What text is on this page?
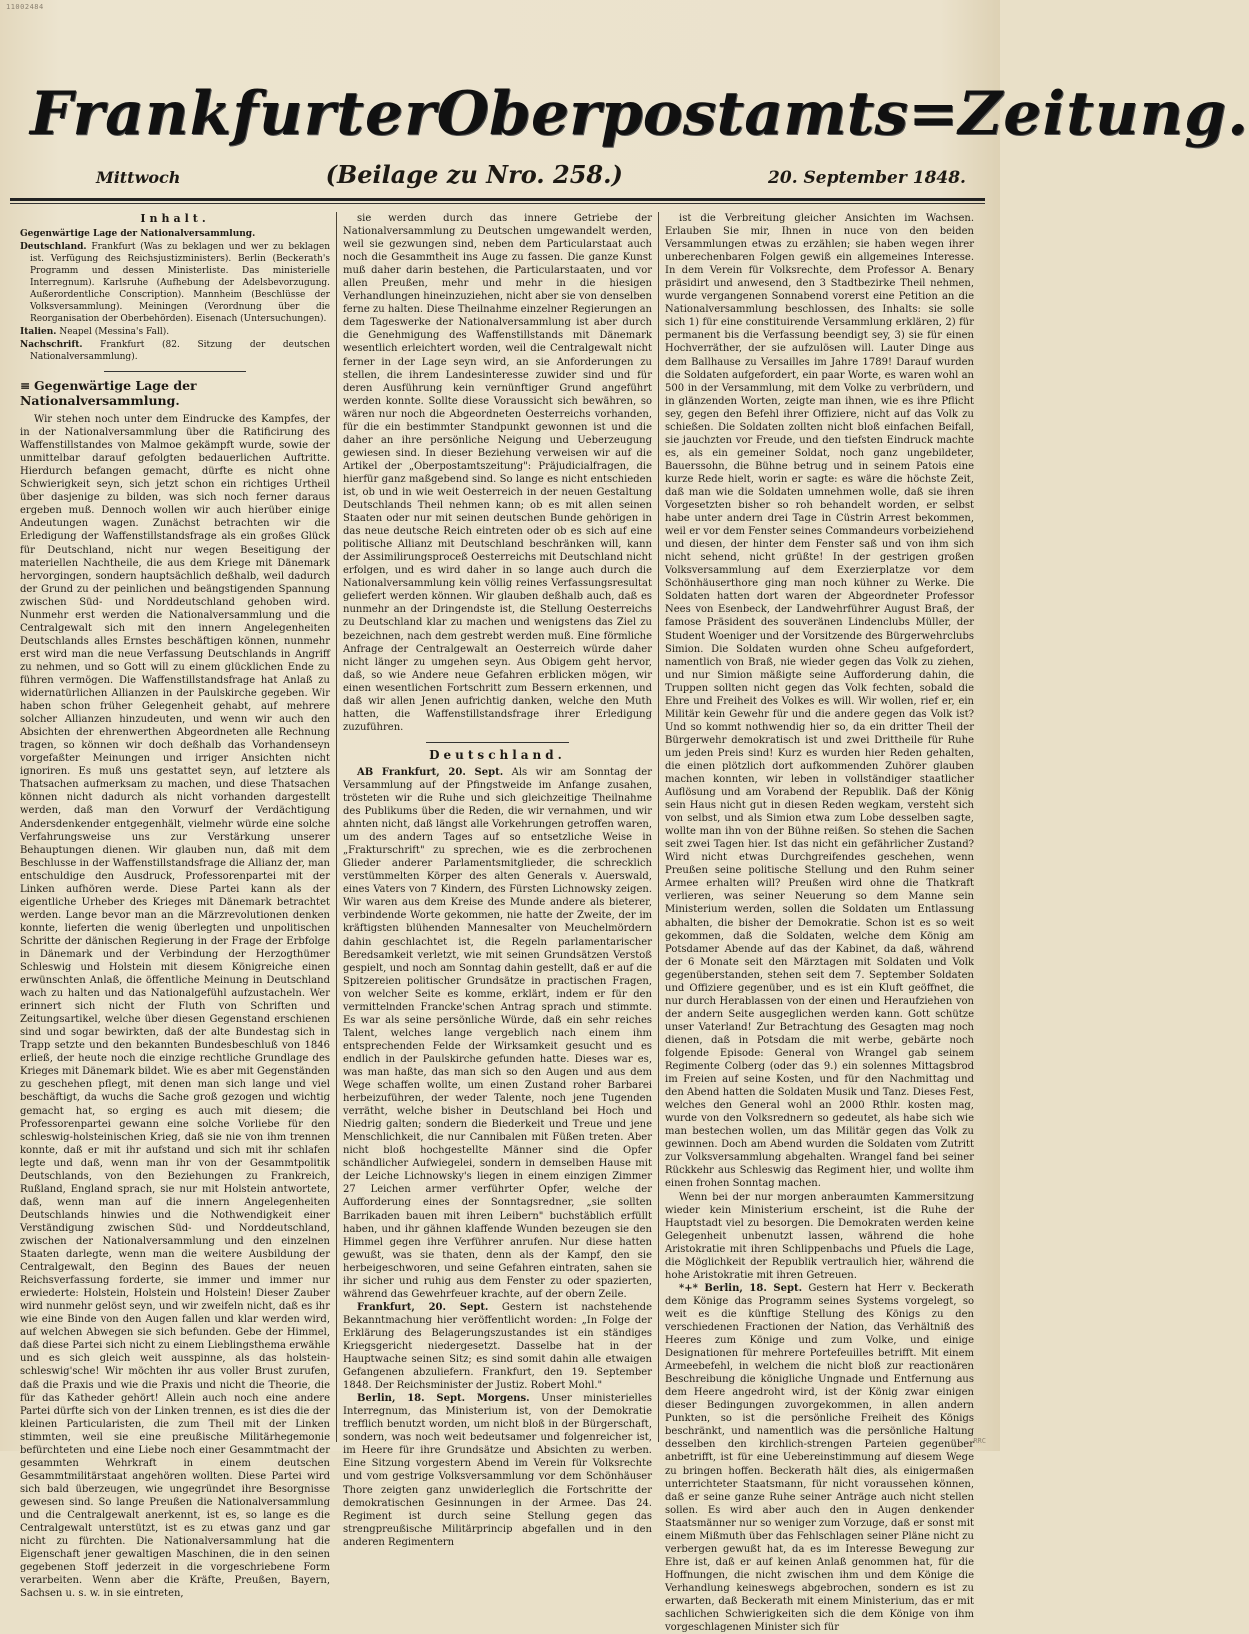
11002484
Frankfurter Oberpostamts= Zeitung.
Mittwoch	(Beilage zu Nro. 258.)	20. September 1848.
Inhalt.

Gegenwärtige Lage der Nationalversammlung.

Deutschland. Frankfurt (Was zu beklagen und wer zu beklagen ist. Verfügung des Reichsjustizministers). Berlin (Beckerath's Programm und dessen Ministerliste. Das ministerielle Interregnum). Karlsruhe (Aufhebung der Adelsbevorzugung. Außerordentliche Conscription). Mannheim (Beschlüsse der Volksversammlung). Meiningen (Verordnung über die Reorganisation der Oberbehörden). Eisenach (Untersuchungen).

Italien. Neapel (Messina's Fall).

Nachschrift. Frankfurt (82. Sitzung der deutschen Nationalversammlung).

≡ Gegenwärtige Lage der Nationalversammlung.

Wir stehen noch unter dem Eindrucke des Kampfes, der in der Nationalversammlung über die Ratificirung des Waffenstillstandes von Malmoe gekämpft wurde, sowie der unmittelbar darauf gefolgten bedauerlichen Auftritte. Hierdurch befangen gemacht, dürfte es nicht ohne Schwierigkeit seyn, sich jetzt schon ein richtiges Urtheil über dasjenige zu bilden, was sich noch ferner daraus ergeben muß. Dennoch wollen wir auch hierüber einige Andeutungen wagen. Zunächst betrachten wir die Erledigung der Waffenstillstandsfrage als ein großes Glück für Deutschland, nicht nur wegen Beseitigung der materiellen Nachtheile, die aus dem Kriege mit Dänemark hervorgingen, sondern hauptsächlich deßhalb, weil dadurch der Grund zu der peinlichen und beängstigenden Spannung zwischen Süd- und Norddeutschland gehoben wird. Nunmehr erst werden die Nationalversammlung und die Centralgewalt sich mit den innern Angelegenheiten Deutschlands alles Ernstes beschäftigen können, nunmehr erst wird man die neue Verfassung Deutschlands in Angriff zu nehmen, und so Gott will zu einem glücklichen Ende zu führen vermögen. Die Waffenstillstandsfrage hat Anlaß zu widernatürlichen Allianzen in der Paulskirche gegeben. Wir haben schon früher Gelegenheit gehabt, auf mehrere solcher Allianzen hinzudeuten, und wenn wir auch den Absichten der ehrenwerthen Abgeordneten alle Rechnung tragen, so können wir doch deßhalb das Vorhandenseyn vorgefaßter Meinungen und irriger Ansichten nicht ignoriren. Es muß uns gestattet seyn, auf letztere als Thatsachen aufmerksam zu machen, und diese Thatsachen können nicht dadurch als nicht vorhanden dargestellt werden, daß man den Vorwurf der Verdächtigung Andersdenkender entgegenhält, vielmehr würde eine solche Verfahrungsweise uns zur Verstärkung unserer Behauptungen dienen. Wir glauben nun, daß mit dem Beschlusse in der Waffenstillstandsfrage die Allianz der, man entschuldige den Ausdruck, Professorenpartei mit der Linken aufhören werde. Diese Partei kann als der eigentliche Urheber des Krieges mit Dänemark betrachtet werden. Lange bevor man an die Märzrevolutionen denken konnte, lieferten die wenig überlegten und unpolitischen Schritte der dänischen Regierung in der Frage der Erbfolge in Dänemark und der Verbindung der Herzogthümer Schleswig und Holstein mit diesem Königreiche einen erwünschten Anlaß, die öffentliche Meinung in Deutschland wach zu halten und das Nationalgefühl aufzustacheln. Wer erinnert sich nicht der Fluth von Schriften und Zeitungsartikel, welche über diesen Gegenstand erschienen sind und sogar bewirkten, daß der alte Bundestag sich in Trapp setzte und den bekannten Bundesbeschluß von 1846 erließ, der heute noch die einzige rechtliche Grundlage des Krieges mit Dänemark bildet. Wie es aber mit Gegenständen zu geschehen pflegt, mit denen man sich lange und viel beschäftigt, da wuchs die Sache groß gezogen und wichtig gemacht hat, so erging es auch mit diesem; die Professorenpartei gewann eine solche Vorliebe für den schleswig-holsteinischen Krieg, daß sie nie von ihm trennen konnte, daß er mit ihr aufstand und sich mit ihr schlafen legte und daß, wenn man ihr von der Gesammtpolitik Deutschlands, von den Beziehungen zu Frankreich, Rußland, England sprach, sie nur mit Holstein antwortete, daß, wenn man auf die innern Angelegenheiten Deutschlands hinwies und die Nothwendigkeit einer Verständigung zwischen Süd- und Norddeutschland, zwischen der Nationalversammlung und den einzelnen Staaten darlegte, wenn man die weitere Ausbildung der Centralgewalt, den Beginn des Baues der neuen Reichsverfassung forderte, sie immer und immer nur erwiederte: Holstein, Holstein und Holstein! Dieser Zauber wird nunmehr gelöst seyn, und wir zweifeln nicht, daß es ihr wie eine Binde von den Augen fallen und klar werden wird, auf welchen Abwegen sie sich befunden. Gebe der Himmel, daß diese Partei sich nicht zu einem Lieblingsthema erwähle und es sich gleich weit ausspinne, als das holstein-schleswig'sche! Wir möchten ihr aus voller Brust zurufen, daß die Praxis und wie die Praxis und nicht die Theorie, die für das Katheder gehört! Allein auch noch eine andere Partei dürfte sich von der Linken trennen, es ist dies die der kleinen Particularisten, die zum Theil mit der Linken stimmten, weil sie eine preußische Militärhegemonie befürchteten und eine Liebe noch einer Gesammtmacht der gesammten Wehrkraft in einem deutschen Gesammtmilitärstaat angehören wollten. Diese Partei wird sich bald überzeugen, wie ungegründet ihre Besorgnisse gewesen sind. So lange Preußen die Nationalversammlung und die Centralgewalt anerkennt, ist es, so lange es die Centralgewalt unterstützt, ist es zu etwas ganz und gar nicht zu fürchten. Die Nationalversammlung hat die Eigenschaft jener gewaltigen Maschinen, die in den seinen gegebenen Stoff jederzeit in die vorgeschriebene Form verarbeiten. Wenn aber die Kräfte, Preußen, Bayern, Sachsen u. s. w. in sie eintreten,

sie werden durch das innere Getriebe der Nationalversammlung zu Deutschen umgewandelt werden, weil sie gezwungen sind, neben dem Particularstaat auch noch die Gesammtheit ins Auge zu fassen. Die ganze Kunst muß daher darin bestehen, die Particularstaaten, und vor allen Preußen, mehr und mehr in die hiesigen Verhandlungen hineinzuziehen, nicht aber sie von denselben ferne zu halten. Diese Theilnahme einzelner Regierungen an dem Tageswerke der Nationalversammlung ist aber durch die Genehmigung des Waffenstillstands mit Dänemark wesentlich erleichtert worden, weil die Centralgewalt nicht ferner in der Lage seyn wird, an sie Anforderungen zu stellen, die ihrem Landesinteresse zuwider sind und für deren Ausführung kein vernünftiger Grund angeführt werden konnte. Sollte diese Voraussicht sich bewähren, so wären nur noch die Abgeordneten Oesterreichs vorhanden, für die ein bestimmter Standpunkt gewonnen ist und die daher an ihre persönliche Neigung und Ueberzeugung gewiesen sind. In dieser Beziehung verweisen wir auf die Artikel der „Oberpostamtszeitung": Präjudicialfragen, die hierfür ganz maßgebend sind. So lange es nicht entschieden ist, ob und in wie weit Oesterreich in der neuen Gestaltung Deutschlands Theil nehmen kann; ob es mit allen seinen Staaten oder nur mit seinen deutschen Bunde gehörigen in das neue deutsche Reich eintreten oder ob es sich auf eine politische Allianz mit Deutschland beschränken will, kann der Assimilirungsproceß Oesterreichs mit Deutschland nicht erfolgen, und es wird daher in so lange auch durch die Nationalversammlung kein völlig reines Verfassungsresultat geliefert werden können. Wir glauben deßhalb auch, daß es nunmehr an der Dringendste ist, die Stellung Oesterreichs zu Deutschland klar zu machen und wenigstens das Ziel zu bezeichnen, nach dem gestrebt werden muß. Eine förmliche Anfrage der Centralgewalt an Oesterreich würde daher nicht länger zu umgehen seyn. Aus Obigem geht hervor, daß, so wie Andere neue Gefahren erblicken mögen, wir einen wesentlichen Fortschritt zum Bessern erkennen, und daß wir allen Jenen aufrichtig danken, welche den Muth hatten, die Waffenstillstandsfrage ihrer Erledigung zuzuführen.

Deutschland.

AB Frankfurt, 20. Sept. Als wir am Sonntag der Versammlung auf der Pfingstweide im Anfange zusahen, trösteten wir die Ruhe und sich gleichzeitige Theilnahme des Publikums über die Reden, die wir vernahmen, und wir ahnten nicht, daß längst alle Vorkehrungen getroffen waren, um des andern Tages auf so entsetzliche Weise in „Frakturschrift" zu sprechen, wie es die zerbrochenen Glieder anderer Parlamentsmitglieder, die schrecklich verstümmelten Körper des alten Generals v. Auerswald, eines Vaters von 7 Kindern, des Fürsten Lichnowsky zeigen. Wir waren aus dem Kreise des Munde andere als bieterer, verbindende Worte gekommen, nie hatte der Zweite, der im kräftigsten blühenden Mannesalter von Meuchelmördern dahin geschlachtet ist, die Regeln parlamentarischer Beredsamkeit verletzt, wie mit seinen Grundsätzen Verstoß gespielt, und noch am Sonntag dahin gestellt, daß er auf die Spitzereien politischer Grundsätze in practischen Fragen, von welcher Seite es komme, erklärt, indem er für den vermittelnden Francke'schen Antrag sprach und stimmte. Es war als seine persönliche Würde, daß ein sehr reiches Talent, welches lange vergeblich nach einem ihm entsprechenden Felde der Wirksamkeit gesucht und es endlich in der Paulskirche gefunden hatte. Dieses war es, was man haßte, das man sich so den Augen und aus dem Wege schaffen wollte, um einen Zustand roher Barbarei herbeizuführen, der weder Talente, noch jene Tugenden verrätht, welche bisher in Deutschland bei Hoch und Niedrig galten; sondern die Biederkeit und Treue und jene Menschlichkeit, die nur Cannibalen mit Füßen treten. Aber nicht bloß hochgestellte Männer sind die Opfer schändlicher Aufwiegelei, sondern in demselben Hause mit der Leiche Lichnowsky's liegen in einem einzigen Zimmer 27 Leichen armer verführter Opfer, welche der Aufforderung eines der Sonntagsredner, „sie sollten Barrikaden bauen mit ihren Leibern" buchstäblich erfüllt haben, und ihr gähnen klaffende Wunden bezeugen sie den Himmel gegen ihre Verführer anrufen. Nur diese hatten gewußt, was sie thaten, denn als der Kampf, den sie herbeigeschworen, und seine Gefahren eintraten, sahen sie ihr sicher und ruhig aus dem Fenster zu oder spazierten, während das Gewehrfeuer krachte, auf der obern Zeile.

Frankfurt, 20. Sept. Gestern ist nachstehende Bekanntmachung hier veröffentlicht worden: „In Folge der Erklärung des Belagerungszustandes ist ein ständiges Kriegsgericht niedergesetzt. Dasselbe hat in der Hauptwache seinen Sitz; es sind somit dahin alle etwaigen Gefangenen abzuliefern. Frankfurt, den 19. September 1848. Der Reichsminister der Justiz. Robert Mohl."

Berlin, 18. Sept. Morgens. Unser ministerielles Interregnum, das Ministerium ist, von der Demokratie trefflich benutzt worden, um nicht bloß in der Bürgerschaft, sondern, was noch weit bedeutsamer und folgenreicher ist, im Heere für ihre Grundsätze und Absichten zu werben. Eine Sitzung vorgestern Abend im Verein für Volksrechte und vom gestrige Volksversammlung vor dem Schönhäuser Thore zeigten ganz unwiderleglich die Fortschritte der demokratischen Gesinnungen in der Armee. Das 24. Regiment ist durch seine Stellung gegen das strengpreußische Militärprincip abgefallen und in den anderen Regimentern

ist die Verbreitung gleicher Ansichten im Wachsen. Erlauben Sie mir, Ihnen in nuce von den beiden Versammlungen etwas zu erzählen; sie haben wegen ihrer unberechenbaren Folgen gewiß ein allgemeines Interesse. In dem Verein für Volksrechte, dem Professor A. Benary präsidirt und anwesend, den 3 Stadtbezirke Theil nehmen, wurde vergangenen Sonnabend vorerst eine Petition an die Nationalversammlung beschlossen, des Inhalts: sie solle sich 1) für eine constituirende Versammlung erklären, 2) für permanent bis die Verfassung beendigt sey, 3) sie für einen Hochverräther, der sie aufzulösen will. Lauter Dinge aus dem Ballhause zu Versailles im Jahre 1789! Darauf wurden die Soldaten aufgefordert, ein paar Worte, es waren wohl an 500 in der Versammlung, mit dem Volke zu verbrüdern, und in glänzenden Worten, zeigte man ihnen, wie es ihre Pflicht sey, gegen den Befehl ihrer Offiziere, nicht auf das Volk zu schießen. Die Soldaten zollten nicht bloß einfachen Beifall, sie jauchzten vor Freude, und den tiefsten Eindruck machte es, als ein gemeiner Soldat, noch ganz ungebildeter, Bauerssohn, die Bühne betrug und in seinem Patois eine kurze Rede hielt, worin er sagte: es wäre die höchste Zeit, daß man wie die Soldaten umnehmen wolle, daß sie ihren Vorgesetzten bisher so roh behandelt worden, er selbst habe unter andern drei Tage in Cüstrin Arrest bekommen, weil er vor dem Fenster seines Commandeurs vorbeiziehend und diesen, der hinter dem Fenster saß und von ihm sich nicht sehend, nicht grüßte! In der gestrigen großen Volksversammlung auf dem Exerzierplatze vor dem Schönhäuserthore ging man noch kühner zu Werke. Die Soldaten hatten dort waren der Abgeordneter Professor Nees von Esenbeck, der Landwehrführer August Braß, der famose Präsident des souveränen Lindenclubs Müller, der Student Woeniger und der Vorsitzende des Bürgerwehrclubs Simion. Die Soldaten wurden ohne Scheu aufgefordert, namentlich von Braß, nie wieder gegen das Volk zu ziehen, und nur Simion mäßigte seine Aufforderung dahin, die Truppen sollten nicht gegen das Volk fechten, sobald die Ehre und Freiheit des Volkes es will. Wir wollen, rief er, ein Militär kein Gewehr für und die andere gegen das Volk ist? Und so kommt nothwendig hier so, da ein dritter Theil der Bürgerwehr demokratisch ist und zwei Drittheile für Ruhe um jeden Preis sind! Kurz es wurden hier Reden gehalten, die einen plötzlich dort aufkommenden Zuhörer glauben machen konnten, wir leben in vollständiger staatlicher Auflösung und am Vorabend der Republik. Daß der König sein Haus nicht gut in diesen Reden wegkam, versteht sich von selbst, und als Simion etwa zum Lobe desselben sagte, wollte man ihn von der Bühne reißen. So stehen die Sachen seit zwei Tagen hier. Ist das nicht ein gefährlicher Zustand? Wird nicht etwas Durchgreifendes geschehen, wenn Preußen seine politische Stellung und den Ruhm seiner Armee erhalten will? Preußen wird ohne die Thatkraft verlieren, was seiner Neuerung so dem Manne sein Ministerium werden, sollen die Soldaten um Entlassung abhalten, die bisher der Demokratie. Schon ist es so weit gekommen, daß die Soldaten, welche dem König am Potsdamer Abende auf das der Kabinet, da daß, während der 6 Monate seit den Märztagen mit Soldaten und Volk gegenüberstanden, stehen seit dem 7. September Soldaten und Offiziere gegenüber, und es ist ein Kluft geöffnet, die nur durch Herablassen von der einen und Heraufziehen von der andern Seite ausgeglichen werden kann. Gott schütze unser Vaterland! Zur Betrachtung des Gesagten mag noch dienen, daß in Potsdam die mit werbe, gebärte noch folgende Episode: General von Wrangel gab seinem Regimente Colberg (oder das 9.) ein solennes Mittagsbrod im Freien auf seine Kosten, und für den Nachmittag und den Abend hatten die Soldaten Musik und Tanz. Dieses Fest, welches den General wohl an 2000 Rthlr. kosten mag, wurde von den Volksrednern so gedeutet, als habe sich wie man bestechen wollen, um das Militär gegen das Volk zu gewinnen. Doch am Abend wurden die Soldaten vom Zutritt zur Volksversammlung abgehalten. Wrangel fand bei seiner Rückkehr aus Schleswig das Regiment hier, und wollte ihm einen frohen Sonntag machen.

Wenn bei der nur morgen anberaumten Kammersitzung wieder kein Ministerium erscheint, ist die Ruhe der Hauptstadt viel zu besorgen. Die Demokraten werden keine Gelegenheit unbenutzt lassen, während die hohe Aristokratie mit ihren Schlippenbachs und Pfuels die Lage, die Möglichkeit der Republik vertraulich hier, während die hohe Aristokratie mit ihren Getreuen.

*+* Berlin, 18. Sept. Gestern hat Herr v. Beckerath dem Könige das Programm seines Systems vorgelegt, so weit es die künftige Stellung des Königs zu den verschiedenen Fractionen der Nation, das Verhältniß des Heeres zum Könige und zum Volke, und einige Designationen für mehrere Portefeuilles betrifft. Mit einem Armeebefehl, in welchem die nicht bloß zur reactionären Beschreibung die königliche Ungnade und Entfernung aus dem Heere angedroht wird, ist der König zwar einigen dieser Bedingungen zuvorgekommen, in allen andern Punkten, so ist die persönliche Freiheit des Königs beschränkt, und namentlich was die persönliche Haltung desselben den kirchlich-strengen Parteien gegenüber anbetrifft, ist für eine Uebereinstimmung auf diesem Wege zu bringen hoffen. Beckerath hält dies, als einigermaßen unterrichteter Staatsmann, für nicht voraussehen können, daß er seine ganze Ruhe seiner Anträge auch nicht stellen sollen. Es wird aber auch den in Augen denkender Staatsmänner nur so weniger zum Vorzuge, daß er sonst mit einem Mißmuth über das Fehlschlagen seiner Pläne nicht zu verbergen gewußt hat, da es im Interesse Bewegung zur Ehre ist, daß er auf keinen Anlaß genommen hat, für die Hoffnungen, die nicht zwischen ihm und dem Könige die Verhandlung keineswegs abgebrochen, sondern es ist zu erwarten, daß Beckerath mit einem Ministerium, das er mit sachlichen Schwierigkeiten sich die dem Könige von ihm vorgeschlagenen Minister sich für

RRC
